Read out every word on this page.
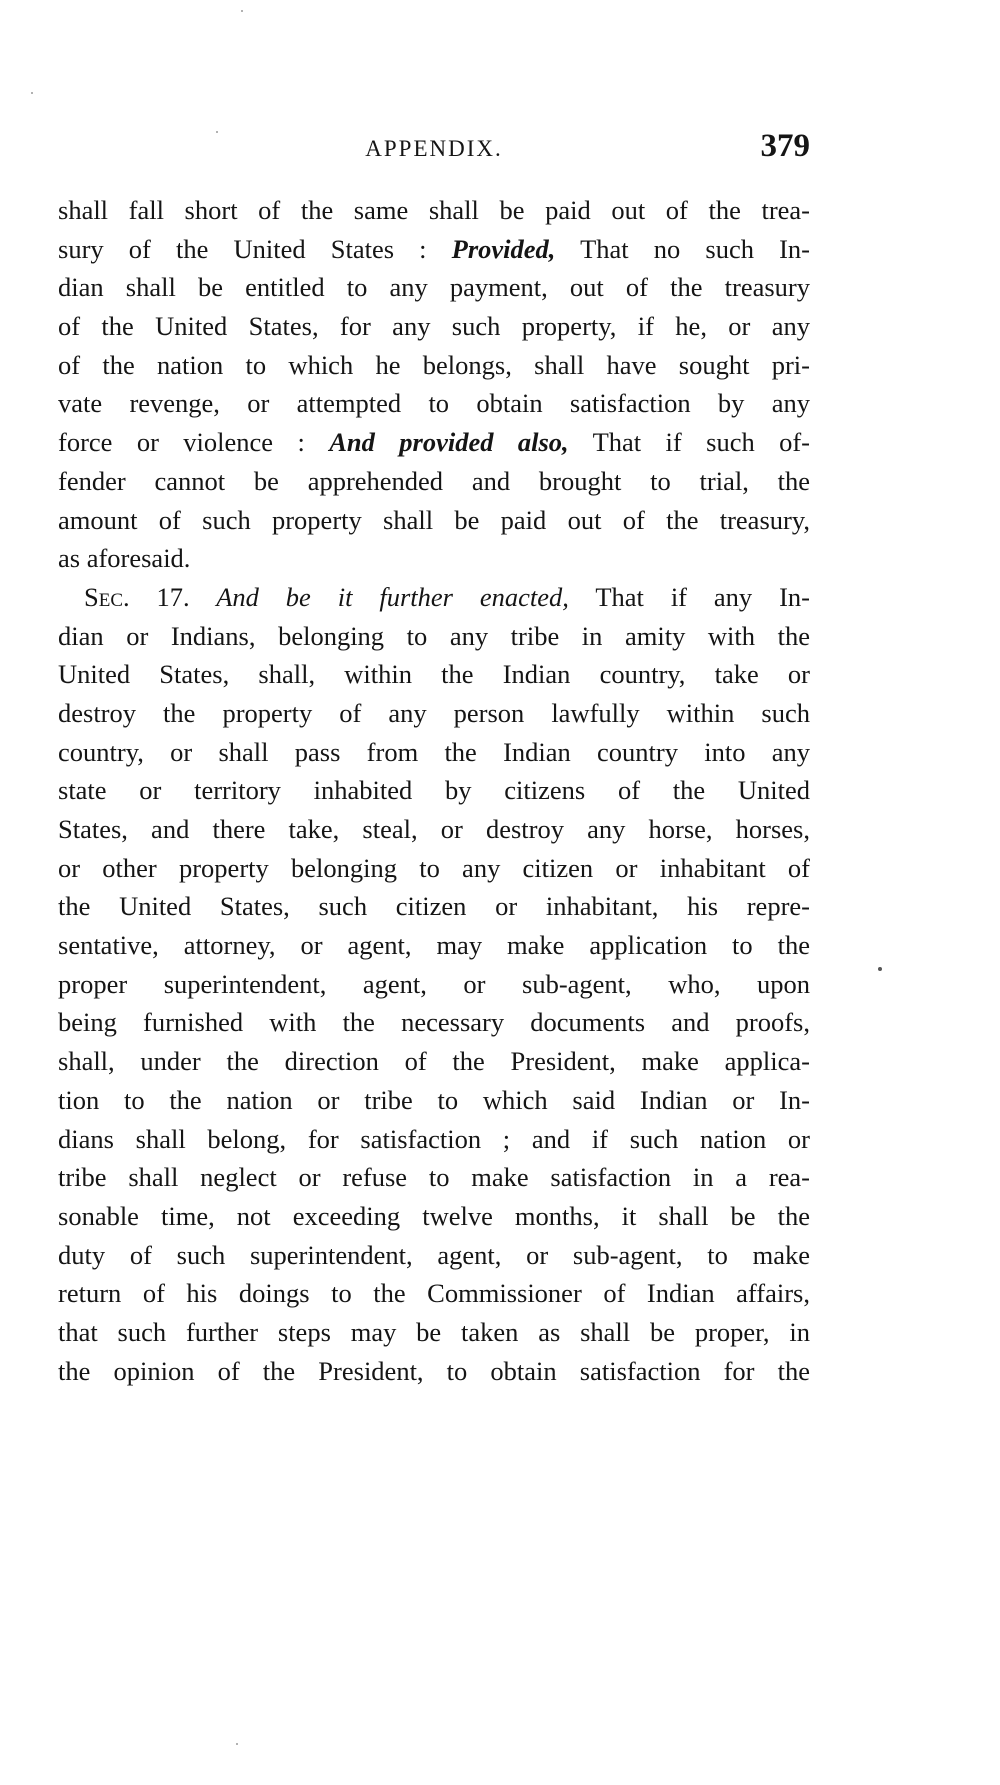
APPENDIX.	379
shall fall short of the same shall be paid out of the trea-
sury of the United States : Provided, That no such In-
dian shall be entitled to any payment, out of the treasury
of the United States, for any such property, if he, or any
of the nation to which he belongs, shall have sought pri-
vate revenge, or attempted to obtain satisfaction by any
force or violence : And provided also, That if such of-
fender cannot be apprehended and brought to trial, the
amount of such property shall be paid out of the treasury,
as aforesaid.
Sec. 17.  And be it further enacted, That if any In-
dian or Indians, belonging to any tribe in amity with the
United States, shall, within the Indian country, take or
destroy the property of any person lawfully within such
country, or shall pass from the Indian country into any
state or territory inhabited by citizens of the United
States, and there take, steal, or destroy any horse, horses,
or other property belonging to any citizen or inhabitant of
the United States, such citizen or inhabitant, his repre-
sentative, attorney, or agent, may make application to the
proper superintendent, agent, or sub-agent, who, upon
being furnished with the necessary documents and proofs,
shall, under the direction of the President, make applica-
tion to the nation or tribe to which said Indian or In-
dians shall belong, for satisfaction ; and if such nation or
tribe shall neglect or refuse to make satisfaction in a rea-
sonable time, not exceeding twelve months, it shall be the
duty of such superintendent, agent, or sub-agent, to make
return of his doings to the Commissioner of Indian affairs,
that such further steps may be taken as shall be proper, in
the opinion of the President, to obtain satisfaction for the
